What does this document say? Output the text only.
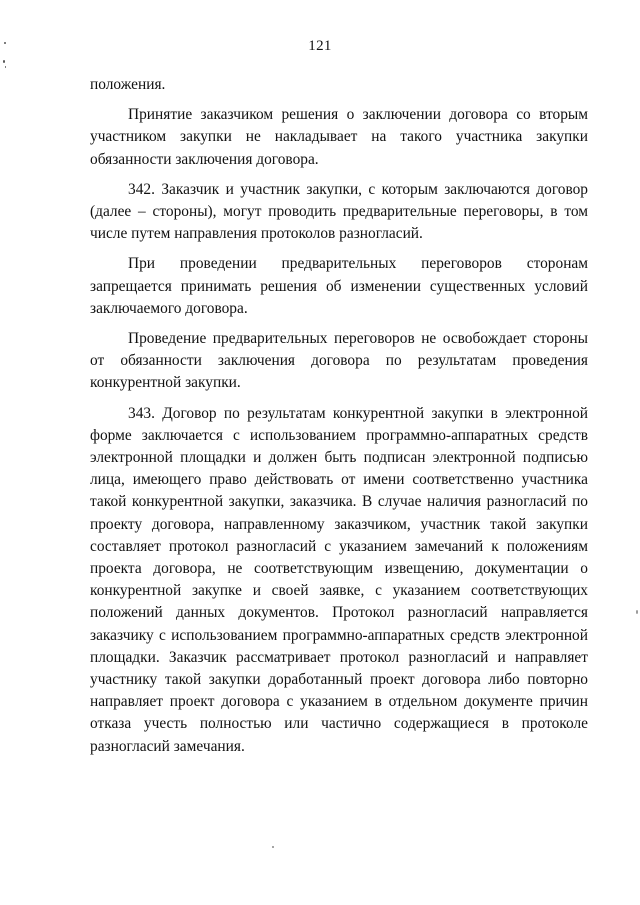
121

положения.

Принятие заказчиком решения о заключении договора со вторым участником закупки не накладывает на такого участника закупки обязанности заключения договора.

342. Заказчик и участник закупки, с которым заключаются договор (далее – стороны), могут проводить предварительные переговоры, в том числе путем направления протоколов разногласий.

При проведении предварительных переговоров сторонам запрещается принимать решения об изменении существенных условий заключаемого договора.

Проведение предварительных переговоров не освобождает стороны от обязанности заключения договора по результатам проведения конкурентной закупки.

343. Договор по результатам конкурентной закупки в электронной форме заключается с использованием программно-аппаратных средств электронной площадки и должен быть подписан электронной подписью лица, имеющего право действовать от имени соответственно участника такой конкурентной закупки, заказчика. В случае наличия разногласий по проекту договора, направленному заказчиком, участник такой закупки составляет протокол разногласий с указанием замечаний к положениям проекта договора, не соответствующим извещению, документации о конкурентной закупке и своей заявке, с указанием соответствующих положений данных документов. Протокол разногласий направляется заказчику с использованием программно-аппаратных средств электронной площадки. Заказчик рассматривает протокол разногласий и направляет участнику такой закупки доработанный проект договора либо повторно направляет проект договора с указанием в отдельном документе причин отказа учесть полностью или частично содержащиеся в протоколе разногласий замечания.
